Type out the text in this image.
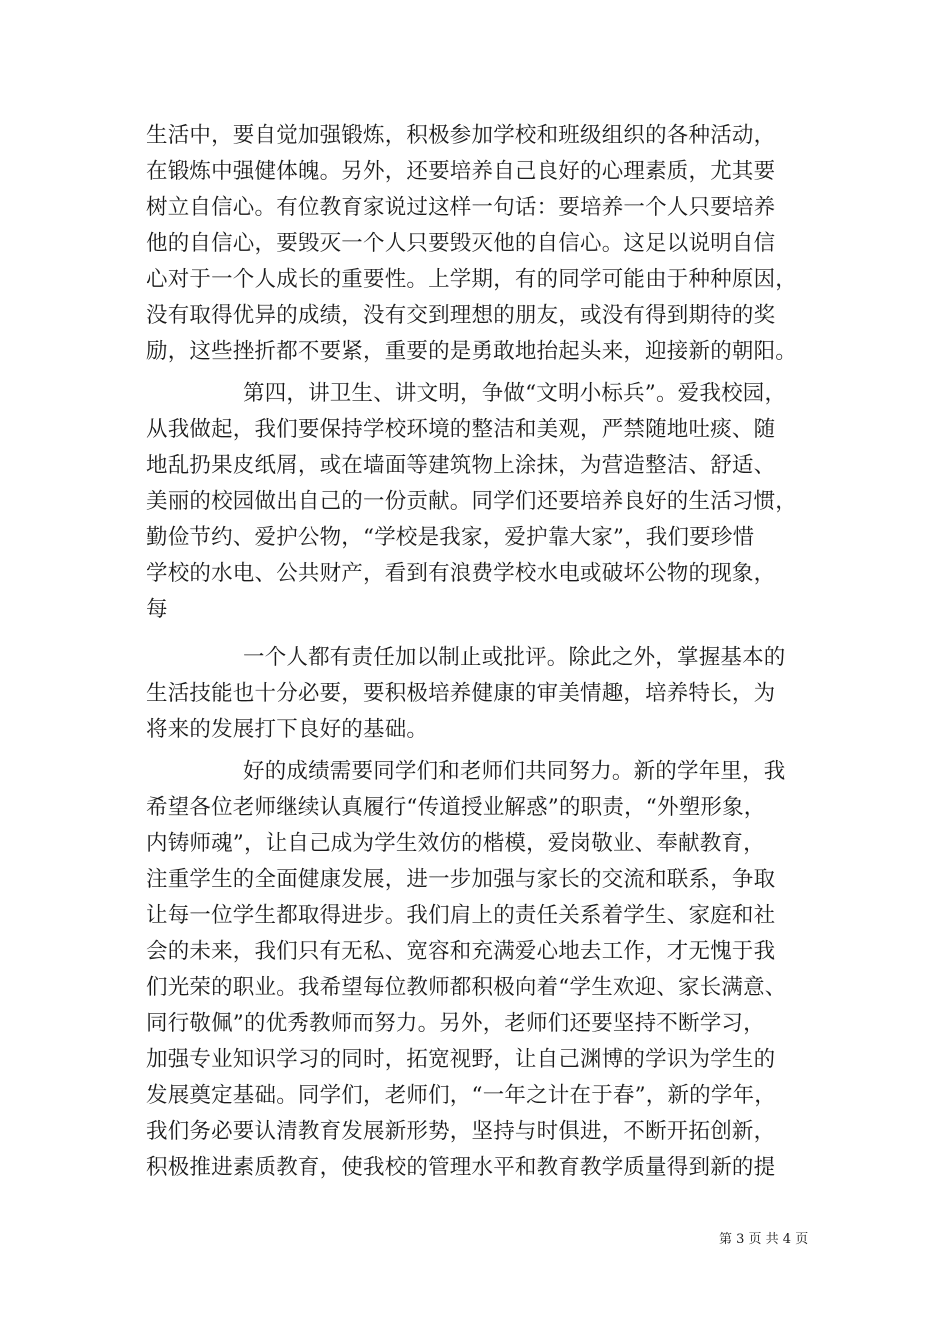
生活中，要自觉加强锻炼，积极参加学校和班级组织的各种活动，
在锻炼中强健体魄。另外，还要培养自己良好的心理素质，尤其要
树立自信心。有位教育家说过这样一句话：要培养一个人只要培养
他的自信心，要毁灭一个人只要毁灭他的自信心。这足以说明自信
心对于一个人成长的重要性。上学期，有的同学可能由于种种原因，
没有取得优异的成绩，没有交到理想的朋友，或没有得到期待的奖
励，这些挫折都不要紧，重要的是勇敢地抬起头来，迎接新的朝阳。
第四，讲卫生、讲文明，争做“文明小标兵”。爱我校园，
从我做起，我们要保持学校环境的整洁和美观，严禁随地吐痰、随
地乱扔果皮纸屑，或在墙面等建筑物上涂抹，为营造整洁、舒适、
美丽的校园做出自己的一份贡献。同学们还要培养良好的生活习惯，
勤俭节约、爱护公物，“学校是我家，爱护靠大家”，我们要珍惜
学校的水电、公共财产，看到有浪费学校水电或破坏公物的现象，
每
一个人都有责任加以制止或批评。除此之外，掌握基本的
生活技能也十分必要，要积极培养健康的审美情趣，培养特长，为
将来的发展打下良好的基础。
好的成绩需要同学们和老师们共同努力。新的学年里，我
希望各位老师继续认真履行“传道授业解惑”的职责，“外塑形象，
内铸师魂”，让自己成为学生效仿的楷模，爱岗敬业、奉献教育，
注重学生的全面健康发展，进一步加强与家长的交流和联系，争取
让每一位学生都取得进步。我们肩上的责任关系着学生、家庭和社
会的未来，我们只有无私、宽容和充满爱心地去工作，才无愧于我
们光荣的职业。我希望每位教师都积极向着“学生欢迎、家长满意、
同行敬佩”的优秀教师而努力。另外，老师们还要坚持不断学习，
加强专业知识学习的同时，拓宽视野，让自己渊博的学识为学生的
发展奠定基础。同学们，老师们，“一年之计在于春”，新的学年，
我们务必要认清教育发展新形势，坚持与时俱进，不断开拓创新，
积极推进素质教育，使我校的管理水平和教育教学质量得到新的提
第 3 页 共 4 页
